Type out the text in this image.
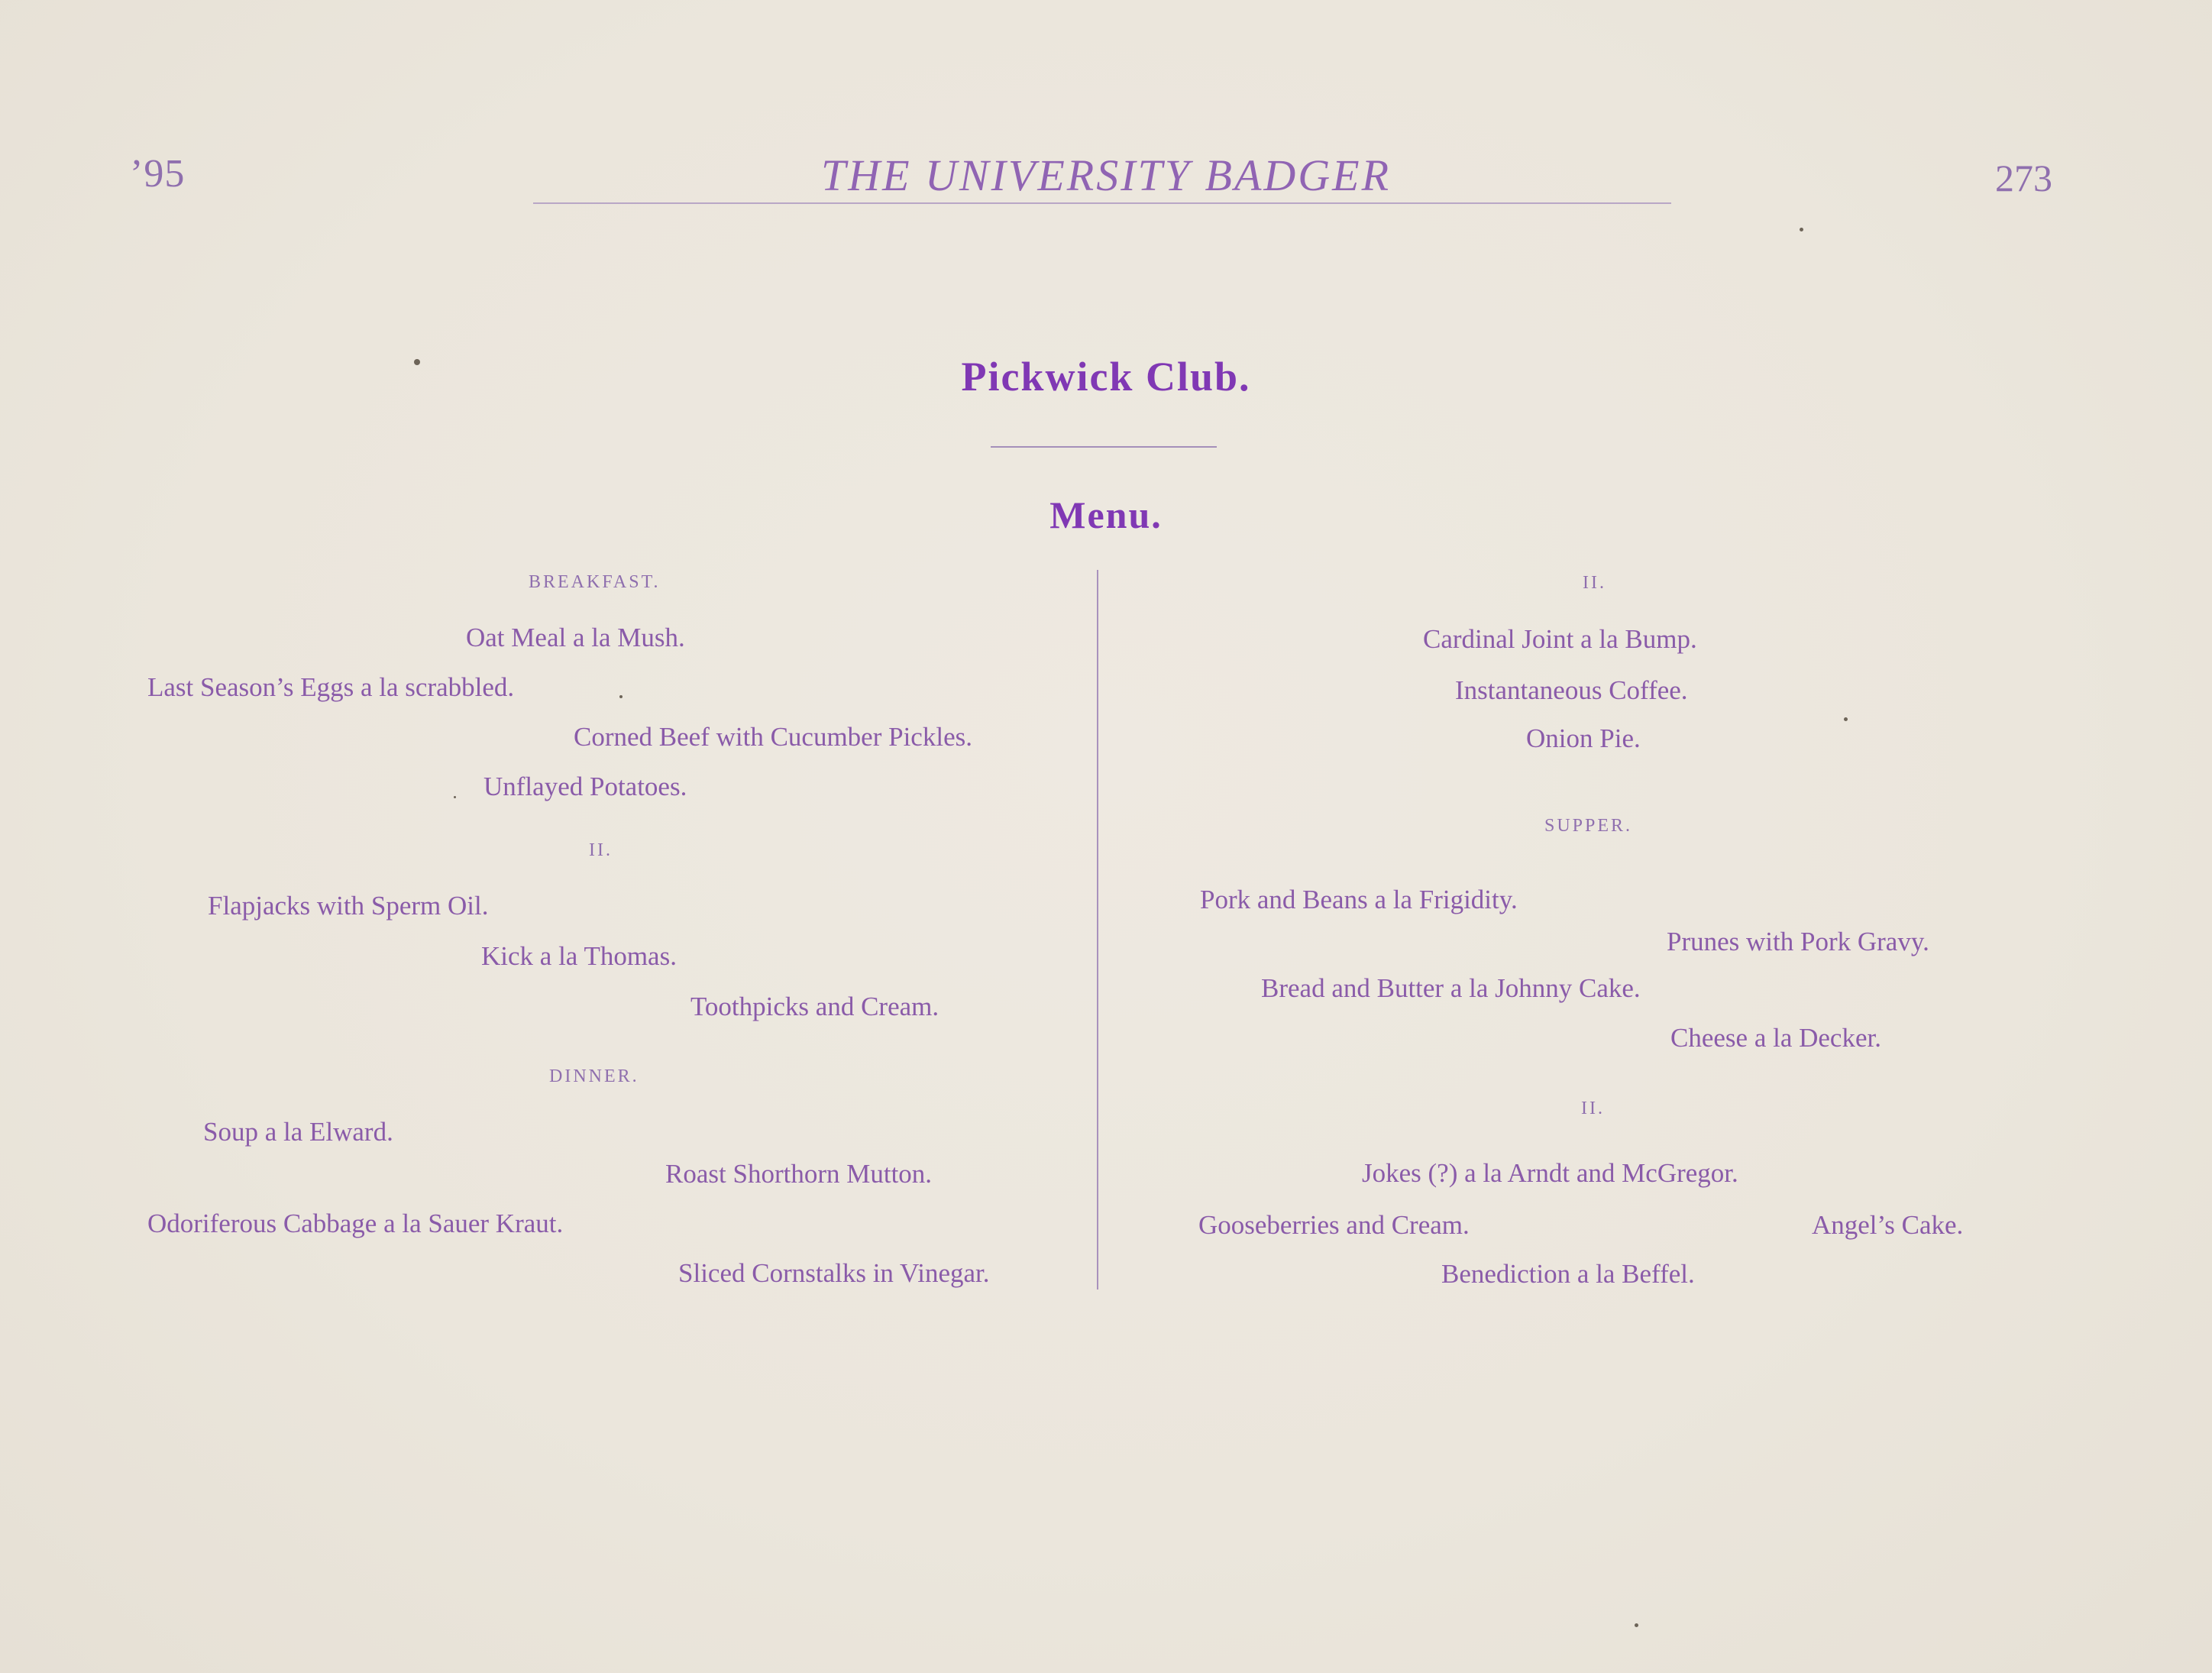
’95	THE UNIVERSITY BADGER	273
Pickwick Club.
Menu.
BREAKFAST.
Oat Meal a la Mush.
Last Season’s Eggs a la scrabbled.
Corned Beef with Cucumber Pickles.
Unflayed Potatoes.
II.
Flapjacks with Sperm Oil.
Kick a la Thomas.
Toothpicks and Cream.
DINNER.
Soup a la Elward.
Roast Shorthorn Mutton.
Odoriferous Cabbage a la Sauer Kraut.
Sliced Cornstalks in Vinegar.
II.
Cardinal Joint a la Bump.
Instantaneous Coffee.
Onion Pie.
SUPPER.
Pork and Beans a la Frigidity.
Prunes with Pork Gravy.
Bread and Butter a la Johnny Cake.
Cheese a la Decker.
II.
Jokes (?) a la Arndt and McGregor.
Gooseberries and Cream.	Angel’s Cake.
Benediction a la Beffel.
